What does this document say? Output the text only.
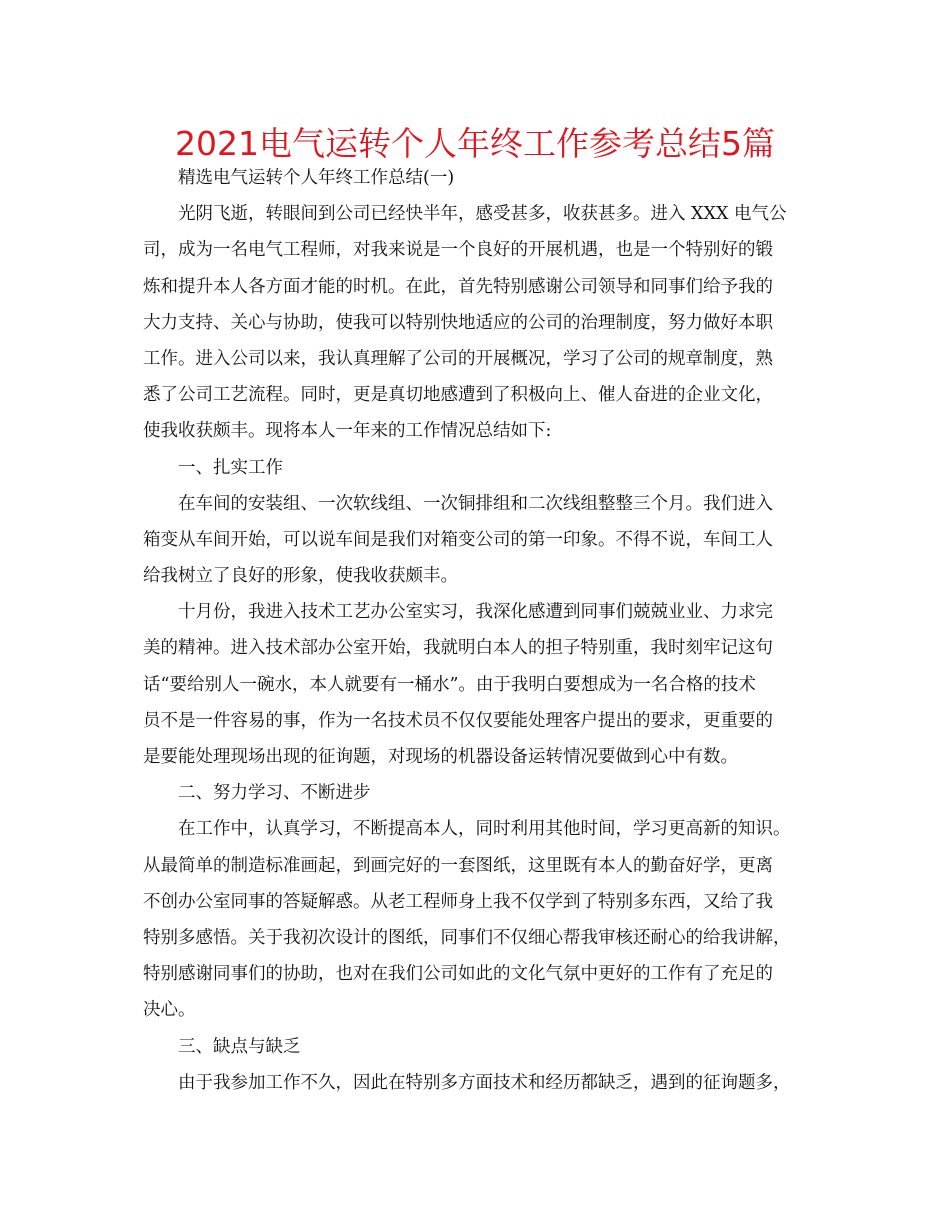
2021电气运转个人年终工作参考总结5篇
精选电气运转个人年终工作总结(一)
光阴飞逝，转眼间到公司已经快半年，感受甚多，收获甚多。进入 XXX 电气公
司，成为一名电气工程师，对我来说是一个良好的开展机遇，也是一个特别好的锻
炼和提升本人各方面才能的时机。在此，首先特别感谢公司领导和同事们给予我的
大力支持、关心与协助，使我可以特别快地适应的公司的治理制度，努力做好本职
工作。进入公司以来，我认真理解了公司的开展概况，学习了公司的规章制度，熟
悉了公司工艺流程。同时，更是真切地感遭到了积极向上、催人奋进的企业文化，
使我收获颇丰。现将本人一年来的工作情况总结如下:
一、扎实工作
在车间的安装组、一次软线组、一次铜排组和二次线组整整三个月。我们进入
箱变从车间开始，可以说车间是我们对箱变公司的第一印象。不得不说，车间工人
给我树立了良好的形象，使我收获颇丰。
十月份，我进入技术工艺办公室实习，我深化感遭到同事们兢兢业业、力求完
美的精神。进入技术部办公室开始，我就明白本人的担子特别重，我时刻牢记这句
话“要给别人一碗水，本人就要有一桶水”。由于我明白要想成为一名合格的技术
员不是一件容易的事，作为一名技术员不仅仅要能处理客户提出的要求，更重要的
是要能处理现场出现的征询题，对现场的机器设备运转情况要做到心中有数。
二、努力学习、不断进步
在工作中，认真学习，不断提高本人，同时利用其他时间，学习更高新的知识。
从最简单的制造标准画起，到画完好的一套图纸，这里既有本人的勤奋好学，更离
不创办公室同事的答疑解惑。从老工程师身上我不仅学到了特别多东西，又给了我
特别多感悟。关于我初次设计的图纸，同事们不仅细心帮我审核还耐心的给我讲解，
特别感谢同事们的协助，也对在我们公司如此的文化气氛中更好的工作有了充足的
决心。
三、缺点与缺乏
由于我参加工作不久，因此在特别多方面技术和经历都缺乏，遇到的征询题多，
